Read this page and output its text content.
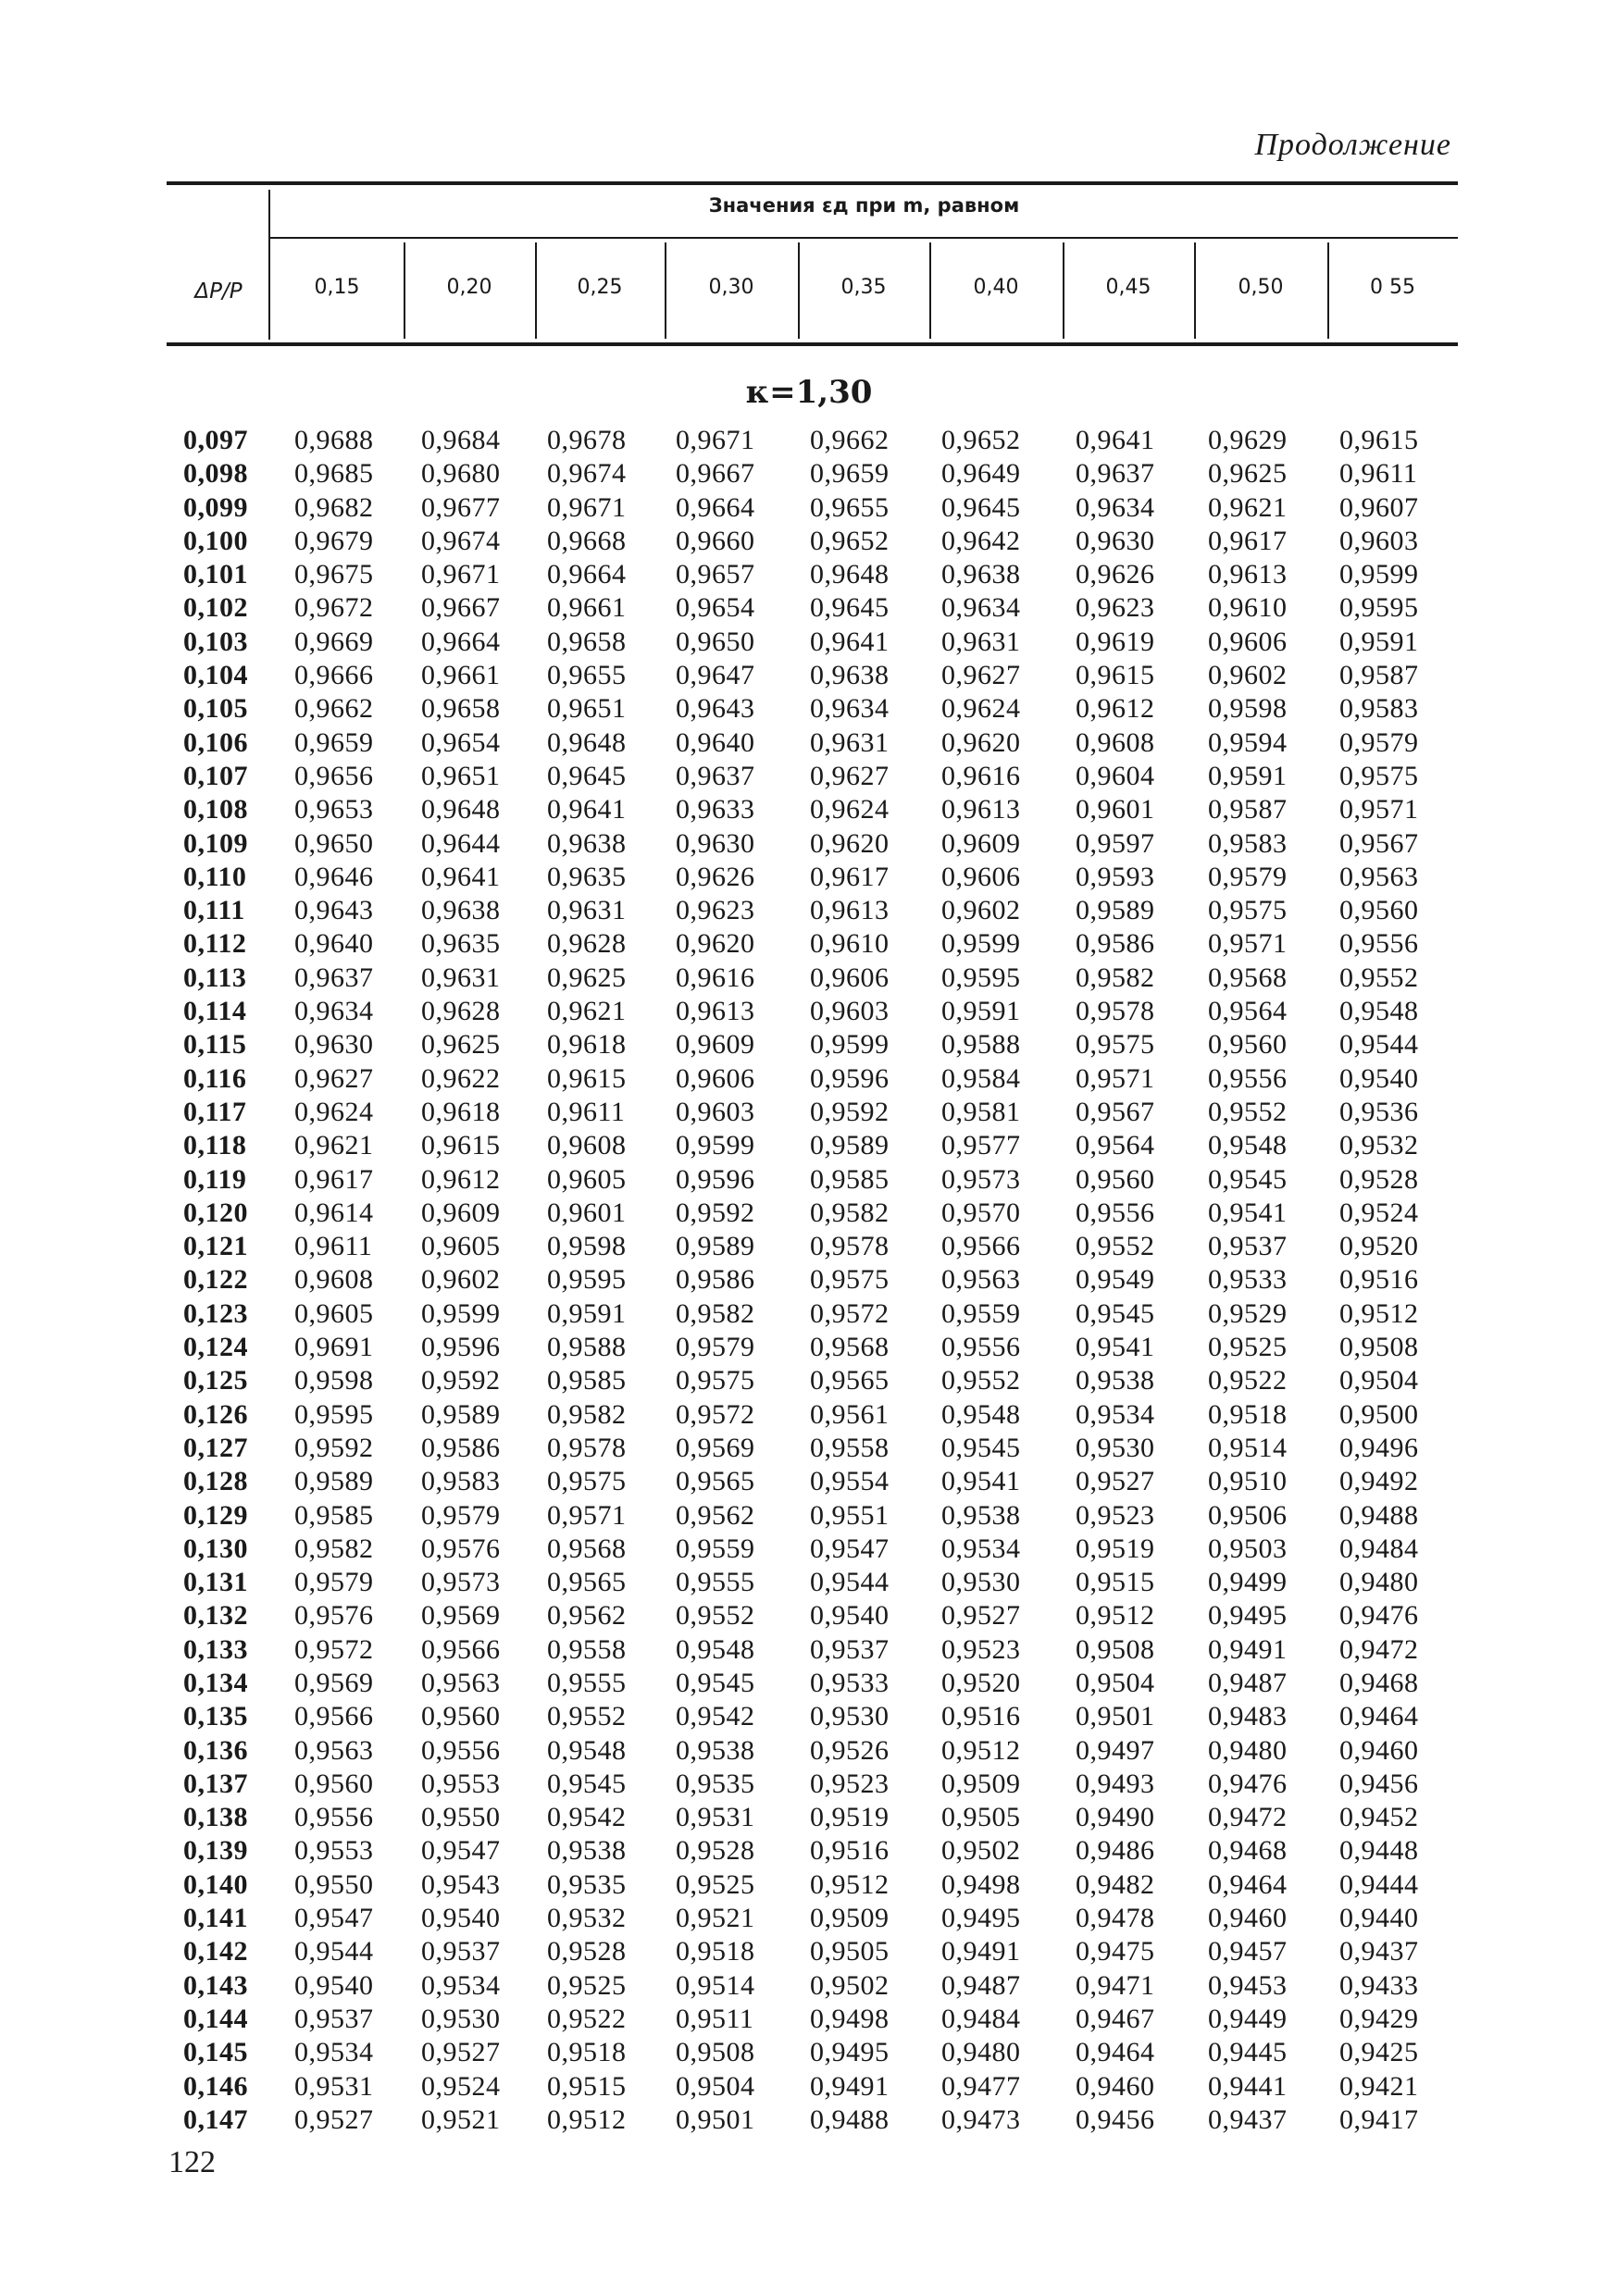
Продолжение
Значения εд при m, равном
ΔP/P	0,15	0,20	0,25	0,30	0,35	0,40	0,45	0,50	0 55
κ=1,30
0,097 0,9688 0,9684 0,9678 0,9671 0,9662 0,9652 0,9641 0,9629 0,9615
0,098 0,9685 0,9680 0,9674 0,9667 0,9659 0,9649 0,9637 0,9625 0,9611
0,099 0,9682 0,9677 0,9671 0,9664 0,9655 0,9645 0,9634 0,9621 0,9607
0,100 0,9679 0,9674 0,9668 0,9660 0,9652 0,9642 0,9630 0,9617 0,9603
0,101 0,9675 0,9671 0,9664 0,9657 0,9648 0,9638 0,9626 0,9613 0,9599
0,102 0,9672 0,9667 0,9661 0,9654 0,9645 0,9634 0,9623 0,9610 0,9595
0,103 0,9669 0,9664 0,9658 0,9650 0,9641 0,9631 0,9619 0,9606 0,9591
0,104 0,9666 0,9661 0,9655 0,9647 0,9638 0,9627 0,9615 0,9602 0,9587
0,105 0,9662 0,9658 0,9651 0,9643 0,9634 0,9624 0,9612 0,9598 0,9583
0,106 0,9659 0,9654 0,9648 0,9640 0,9631 0,9620 0,9608 0,9594 0,9579
0,107 0,9656 0,9651 0,9645 0,9637 0,9627 0,9616 0,9604 0,9591 0,9575
0,108 0,9653 0,9648 0,9641 0,9633 0,9624 0,9613 0,9601 0,9587 0,9571
0,109 0,9650 0,9644 0,9638 0,9630 0,9620 0,9609 0,9597 0,9583 0,9567
0,110 0,9646 0,9641 0,9635 0,9626 0,9617 0,9606 0,9593 0,9579 0,9563
0,111 0,9643 0,9638 0,9631 0,9623 0,9613 0,9602 0,9589 0,9575 0,9560
0,112 0,9640 0,9635 0,9628 0,9620 0,9610 0,9599 0,9586 0,9571 0,9556
0,113 0,9637 0,9631 0,9625 0,9616 0,9606 0,9595 0,9582 0,9568 0,9552
0,114 0,9634 0,9628 0,9621 0,9613 0,9603 0,9591 0,9578 0,9564 0,9548
0,115 0,9630 0,9625 0,9618 0,9609 0,9599 0,9588 0,9575 0,9560 0,9544
0,116 0,9627 0,9622 0,9615 0,9606 0,9596 0,9584 0,9571 0,9556 0,9540
0,117 0,9624 0,9618 0,9611 0,9603 0,9592 0,9581 0,9567 0,9552 0,9536
0,118 0,9621 0,9615 0,9608 0,9599 0,9589 0,9577 0,9564 0,9548 0,9532
0,119 0,9617 0,9612 0,9605 0,9596 0,9585 0,9573 0,9560 0,9545 0,9528
0,120 0,9614 0,9609 0,9601 0,9592 0,9582 0,9570 0,9556 0,9541 0,9524
0,121 0,9611 0,9605 0,9598 0,9589 0,9578 0,9566 0,9552 0,9537 0,9520
0,122 0,9608 0,9602 0,9595 0,9586 0,9575 0,9563 0,9549 0,9533 0,9516
0,123 0,9605 0,9599 0,9591 0,9582 0,9572 0,9559 0,9545 0,9529 0,9512
0,124 0,9691 0,9596 0,9588 0,9579 0,9568 0,9556 0,9541 0,9525 0,9508
0,125 0,9598 0,9592 0,9585 0,9575 0,9565 0,9552 0,9538 0,9522 0,9504
0,126 0,9595 0,9589 0,9582 0,9572 0,9561 0,9548 0,9534 0,9518 0,9500
0,127 0,9592 0,9586 0,9578 0,9569 0,9558 0,9545 0,9530 0,9514 0,9496
0,128 0,9589 0,9583 0,9575 0,9565 0,9554 0,9541 0,9527 0,9510 0,9492
0,129 0,9585 0,9579 0,9571 0,9562 0,9551 0,9538 0,9523 0,9506 0,9488
0,130 0,9582 0,9576 0,9568 0,9559 0,9547 0,9534 0,9519 0,9503 0,9484
0,131 0,9579 0,9573 0,9565 0,9555 0,9544 0,9530 0,9515 0,9499 0,9480
0,132 0,9576 0,9569 0,9562 0,9552 0,9540 0,9527 0,9512 0,9495 0,9476
0,133 0,9572 0,9566 0,9558 0,9548 0,9537 0,9523 0,9508 0,9491 0,9472
0,134 0,9569 0,9563 0,9555 0,9545 0,9533 0,9520 0,9504 0,9487 0,9468
0,135 0,9566 0,9560 0,9552 0,9542 0,9530 0,9516 0,9501 0,9483 0,9464
0,136 0,9563 0,9556 0,9548 0,9538 0,9526 0,9512 0,9497 0,9480 0,9460
0,137 0,9560 0,9553 0,9545 0,9535 0,9523 0,9509 0,9493 0,9476 0,9456
0,138 0,9556 0,9550 0,9542 0,9531 0,9519 0,9505 0,9490 0,9472 0,9452
0,139 0,9553 0,9547 0,9538 0,9528 0,9516 0,9502 0,9486 0,9468 0,9448
0,140 0,9550 0,9543 0,9535 0,9525 0,9512 0,9498 0,9482 0,9464 0,9444
0,141 0,9547 0,9540 0,9532 0,9521 0,9509 0,9495 0,9478 0,9460 0,9440
0,142 0,9544 0,9537 0,9528 0,9518 0,9505 0,9491 0,9475 0,9457 0,9437
0,143 0,9540 0,9534 0,9525 0,9514 0,9502 0,9487 0,9471 0,9453 0,9433
0,144 0,9537 0,9530 0,9522 0,9511 0,9498 0,9484 0,9467 0,9449 0,9429
0,145 0,9534 0,9527 0,9518 0,9508 0,9495 0,9480 0,9464 0,9445 0,9425
0,146 0,9531 0,9524 0,9515 0,9504 0,9491 0,9477 0,9460 0,9441 0,9421
0,147 0,9527 0,9521 0,9512 0,9501 0,9488 0,9473 0,9456 0,9437 0,9417
122
